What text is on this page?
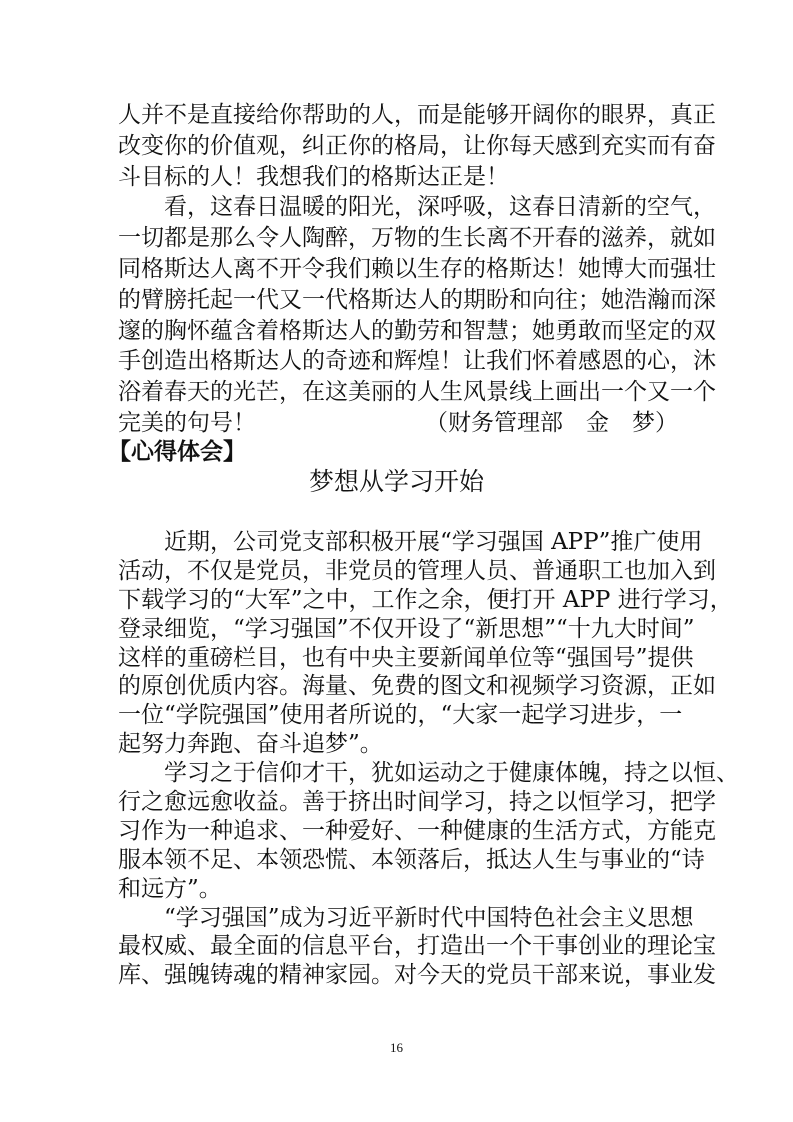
人并不是直接给你帮助的人，而是能够开阔你的眼界，真正
改变你的价值观，纠正你的格局，让你每天感到充实而有奋
斗目标的人！我想我们的格斯达正是！
看，这春日温暖的阳光，深呼吸，这春日清新的空气，
一切都是那么令人陶醉，万物的生长离不开春的滋养，就如
同格斯达人离不开令我们赖以生存的格斯达！她博大而强壮
的臂膀托起一代又一代格斯达人的期盼和向往；她浩瀚而深
邃的胸怀蕴含着格斯达人的勤劳和智慧；她勇敢而坚定的双
手创造出格斯达人的奇迹和辉煌！让我们怀着感恩的心，沐
浴着春天的光芒，在这美丽的人生风景线上画出一个又一个
完美的句号！	（财务管理部　金　梦）
【心得体会】
梦想从学习开始
近期，公司党支部积极开展“学习强国 APP”推广使用
活动，不仅是党员，非党员的管理人员、普通职工也加入到
下载学习的“大军”之中，工作之余，便打开 APP 进行学习，
登录细览，“学习强国”不仅开设了“新思想”“十九大时间”
这样的重磅栏目，也有中央主要新闻单位等“强国号”提供
的原创优质内容。海量、免费的图文和视频学习资源，正如
一位“学院强国”使用者所说的，“大家一起学习进步，一
起努力奔跑、奋斗追梦”。
学习之于信仰才干，犹如运动之于健康体魄，持之以恒、
行之愈远愈收益。善于挤出时间学习，持之以恒学习，把学
习作为一种追求、一种爱好、一种健康的生活方式，方能克
服本领不足、本领恐慌、本领落后，抵达人生与事业的“诗
和远方”。
“学习强国”成为习近平新时代中国特色社会主义思想
最权威、最全面的信息平台，打造出一个干事创业的理论宝
库、强魄铸魂的精神家园。对今天的党员干部来说，事业发
16
